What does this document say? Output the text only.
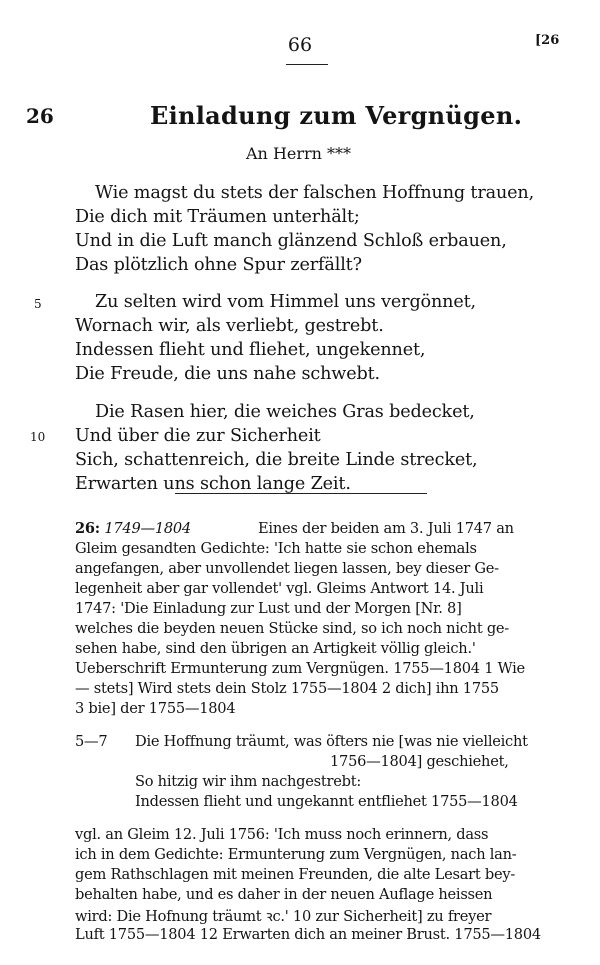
66	[26
26	Einladung zum Vergnügen.
An Herrn ***
Wie magst du stets der falschen Hoffnung trauen,
Die dich mit Träumen unterhält;
Und in die Luft manch glänzend Schloß erbauen,
Das plötzlich ohne Spur zerfällt?
5	Zu selten wird vom Himmel uns vergönnet,
Wornach wir, als verliebt, gestrebt.
Indessen flieht und fliehet, ungekennet,
Die Freude, die uns nahe schwebt.
Die Rasen hier, die weiches Gras bedecket,
10 Und über die zur Sicherheit
Sich, schattenreich, die breite Linde strecket,
Erwarten uns schon lange Zeit.
26: 1749—1804	Eines der beiden am 3. Juli 1747 an
Gleim gesandten Gedichte: 'Ich hatte sie schon ehemals
angefangen, aber unvollendet liegen lassen, bey dieser Ge-
legenheit aber gar vollendet' vgl. Gleims Antwort 14. Juli
1747: 'Die Einladung zur Lust und der Morgen [Nr. 8]
welches die beyden neuen Stücke sind, so ich noch nicht ge-
sehen habe, sind den übrigen an Artigkeit völlig gleich.'
Ueberschrift Ermunterung zum Vergnügen. 1755—1804 1 Wie
— stets] Wird stets dein Stolz 1755—1804 2 dich] ihn 1755
3 bie] der 1755—1804
5—7 Die Hoffnung träumt, was öfters nie [was nie vielleicht
1756—1804] geschiehet,
So hitzig wir ihm nachgestrebt:
Indessen flieht und ungekannt entfliehet 1755—1804
vgl. an Gleim 12. Juli 1756: 'Ich muss noch erinnern, dass
ich in dem Gedichte: Ermunterung zum Vergnügen, nach lan-
gem Rathschlagen mit meinen Freunden, die alte Lesart bey-
behalten habe, und es daher in der neuen Auflage heissen
wird: Die Hofnung träumt ꝛc.' 10 zur Sicherheit] zu freyer
Luft 1755—1804 12 Erwarten dich an meiner Brust. 1755—1804
